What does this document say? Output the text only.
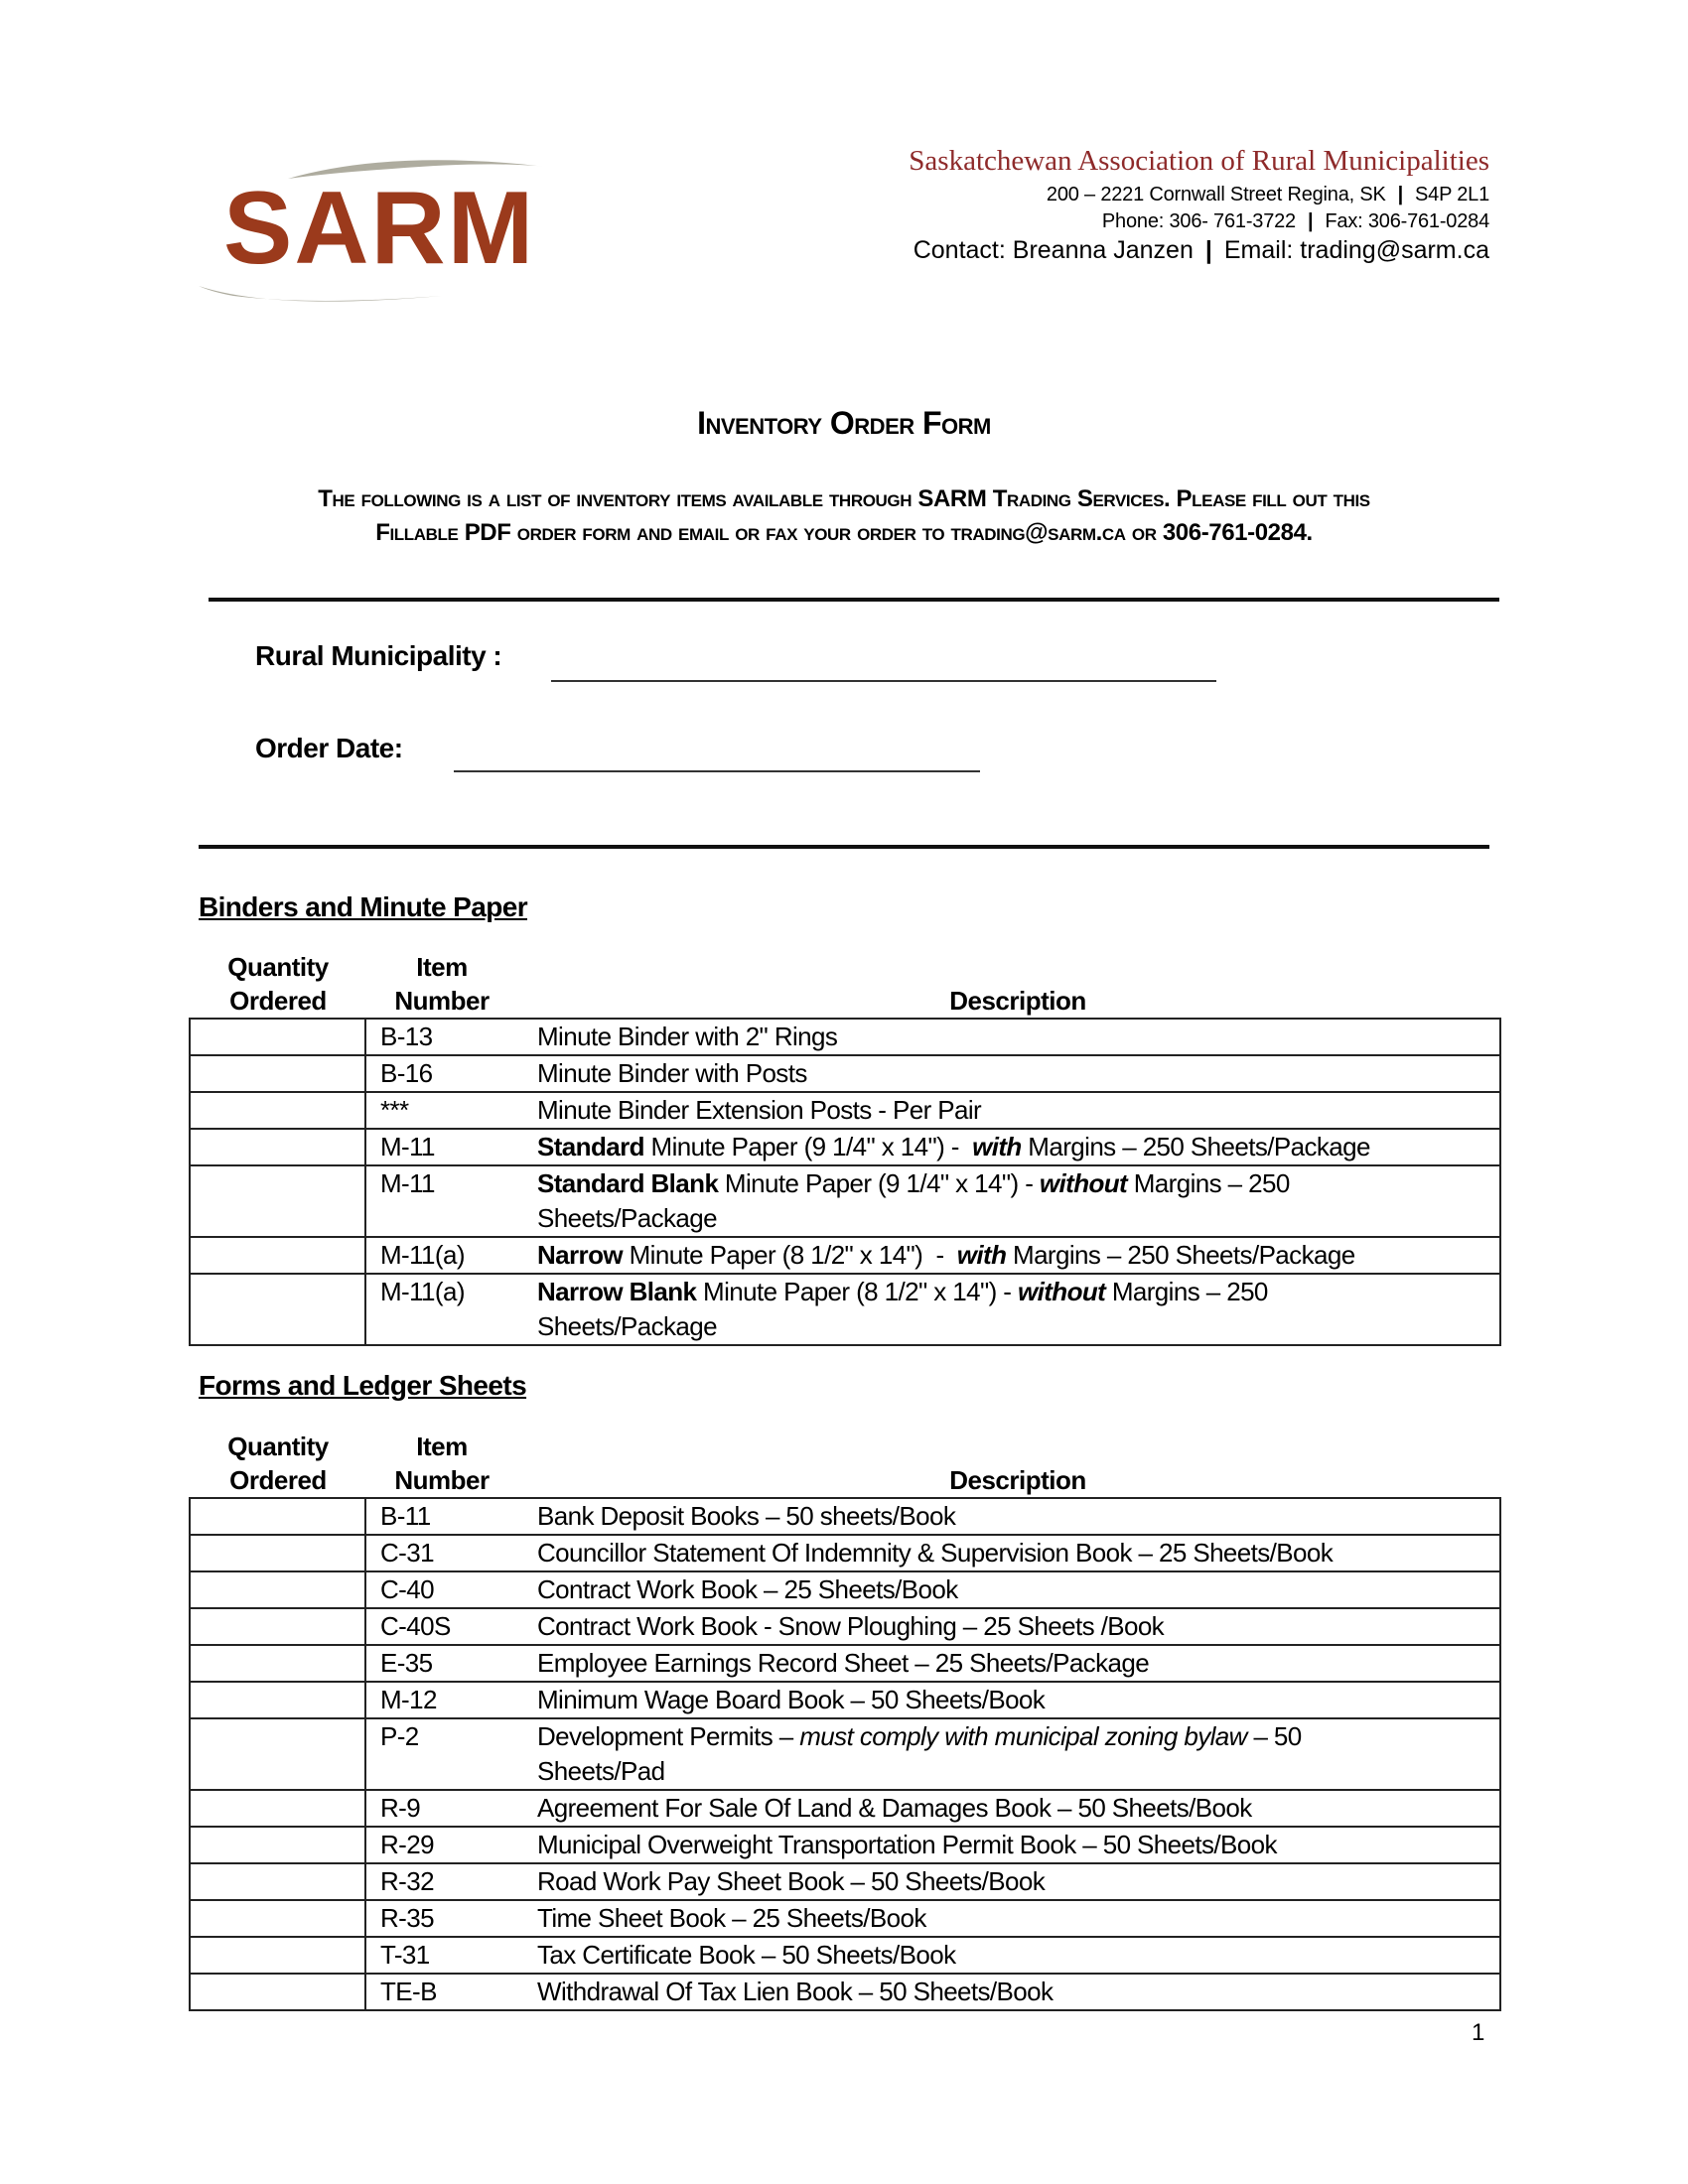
SARM
Saskatchewan Association of Rural Municipalities
200 – 2221 Cornwall Street Regina, SK | S4P 2L1
Phone: 306- 761-3722 | Fax: 306-761-0284
Contact: Breanna Janzen | Email: trading@sarm.ca
Inventory Order Form
The following is a list of inventory items available through SARM Trading Services. Please fill out this
Fillable PDF order form and email or fax your order to trading@sarm.ca or 306-761-0284.
Rural Municipality :
Order Date:
Binders and Minute Paper
Quantity
Ordered
Item
Number	Description
	B-13	Minute Binder with 2" Rings

	B-16	Minute Binder with Posts

	***	Minute Binder Extension Posts - Per Pair

	M-11	Standard Minute Paper (9 1/4" x 14") -  with Margins – 250 Sheets/Package

	M-11	Standard Blank Minute Paper (9 1/4" x 14") - without Margins – 250 Sheets/Package

	M-11(a)	Narrow Minute Paper (8 1/2" x 14")  -  with Margins – 250 Sheets/Package

	M-11(a)	Narrow Blank Minute Paper (8 1/2" x 14") - without Margins – 250 Sheets/Package
Forms and Ledger Sheets
Quantity
Ordered
Item
Number	Description
	B-11	Bank Deposit Books – 50 sheets/Book

	C-31	Councillor Statement Of Indemnity & Supervision Book – 25 Sheets/Book

	C-40	Contract Work Book – 25 Sheets/Book

	C-40S	Contract Work Book - Snow Ploughing – 25 Sheets /Book

	E-35	Employee Earnings Record Sheet – 25 Sheets/Package

	M-12	Minimum Wage Board Book – 50 Sheets/Book

	P-2	Development Permits – must comply with municipal zoning bylaw – 50 Sheets/Pad

	R-9	Agreement For Sale Of Land & Damages Book – 50 Sheets/Book

	R-29	Municipal Overweight Transportation Permit Book – 50 Sheets/Book

	R-32	Road Work Pay Sheet Book – 50 Sheets/Book

	R-35	Time Sheet Book – 25 Sheets/Book

	T-31	Tax Certificate Book – 50 Sheets/Book

	TE-B	Withdrawal Of Tax Lien Book – 50 Sheets/Book
1
